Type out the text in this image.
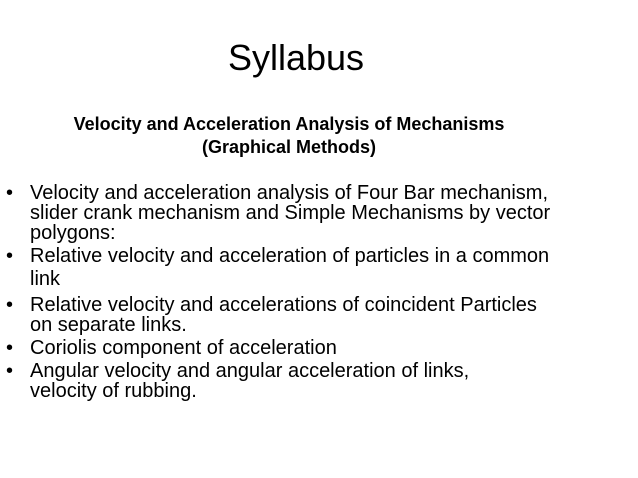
Syllabus
Velocity and Acceleration Analysis of Mechanisms
(Graphical Methods)
• Velocity and acceleration analysis of Four Bar mechanism,
slider crank mechanism and Simple Mechanisms by vector
polygons:
• Relative velocity and acceleration of particles in a common
link
• Relative velocity and accelerations of coincident Particles
on separate links.
• Coriolis component of acceleration
• Angular velocity and angular acceleration of links,
velocity of rubbing.
